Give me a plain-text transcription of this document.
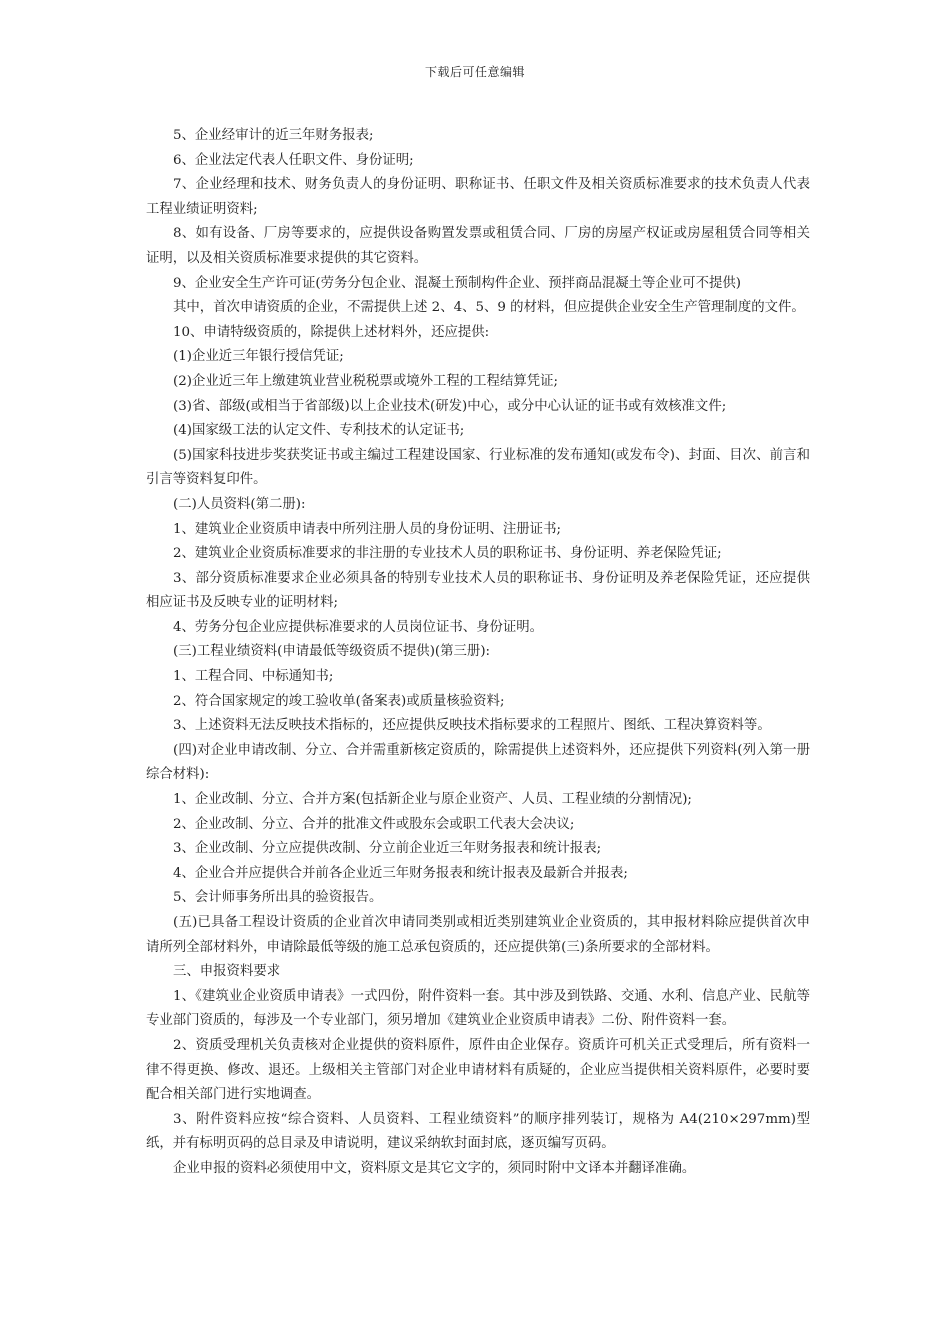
下载后可任意编辑

5、企业经审计的近三年财务报表;

6、企业法定代表人任职文件、身份证明;

7、企业经理和技术、财务负责人的身份证明、职称证书、任职文件及相关资质标准要求的技术负责人代表工程业绩证明资料;

8、如有设备、厂房等要求的，应提供设备购置发票或租赁合同、厂房的房屋产权证或房屋租赁合同等相关证明，以及相关资质标准要求提供的其它资料。

9、企业安全生产许可证(劳务分包企业、混凝土预制构件企业、预拌商品混凝土等企业可不提供)

其中，首次申请资质的企业，不需提供上述 2、4、5、9 的材料，但应提供企业安全生产管理制度的文件。

10、申请特级资质的，除提供上述材料外，还应提供:

(1)企业近三年银行授信凭证;

(2)企业近三年上缴建筑业营业税税票或境外工程的工程结算凭证;

(3)省、部级(或相当于省部级)以上企业技术(研发)中心，或分中心认证的证书或有效核准文件;

(4)国家级工法的认定文件、专利技术的认定证书;

(5)国家科技进步奖获奖证书或主编过工程建设国家、行业标准的发布通知(或发布令)、封面、目次、前言和引言等资料复印件。

(二)人员资料(第二册):

1、建筑业企业资质申请表中所列注册人员的身份证明、注册证书;

2、建筑业企业资质标准要求的非注册的专业技术人员的职称证书、身份证明、养老保险凭证;

3、部分资质标准要求企业必须具备的特别专业技术人员的职称证书、身份证明及养老保险凭证，还应提供相应证书及反映专业的证明材料;

4、劳务分包企业应提供标准要求的人员岗位证书、身份证明。

(三)工程业绩资料(申请最低等级资质不提供)(第三册):

1、工程合同、中标通知书;

2、符合国家规定的竣工验收单(备案表)或质量核验资料;

3、上述资料无法反映技术指标的，还应提供反映技术指标要求的工程照片、图纸、工程决算资料等。

(四)对企业申请改制、分立、合并需重新核定资质的，除需提供上述资料外，还应提供下列资料(列入第一册综合材料):

1、企业改制、分立、合并方案(包括新企业与原企业资产、人员、工程业绩的分割情况);

2、企业改制、分立、合并的批准文件或股东会或职工代表大会决议;

3、企业改制、分立应提供改制、分立前企业近三年财务报表和统计报表;

4、企业合并应提供合并前各企业近三年财务报表和统计报表及最新合并报表;

5、会计师事务所出具的验资报告。

(五)已具备工程设计资质的企业首次申请同类别或相近类别建筑业企业资质的，其申报材料除应提供首次申请所列全部材料外，申请除最低等级的施工总承包资质的，还应提供第(三)条所要求的全部材料。

三、申报资料要求

1、《建筑业企业资质申请表》一式四份，附件资料一套。其中涉及到铁路、交通、水利、信息产业、民航等专业部门资质的，每涉及一个专业部门，须另增加《建筑业企业资质申请表》二份、附件资料一套。

2、资质受理机关负责核对企业提供的资料原件，原件由企业保存。资质许可机关正式受理后，所有资料一律不得更换、修改、退还。上级相关主管部门对企业申请材料有质疑的，企业应当提供相关资料原件，必要时要配合相关部门进行实地调查。

3、附件资料应按“综合资料、人员资料、工程业绩资料”的顺序排列装订，规格为 A4(210×297mm)型纸，并有标明页码的总目录及申请说明，建议采纳软封面封底，逐页编写页码。

企业申报的资料必须使用中文，资料原文是其它文字的，须同时附中文译本并翻译准确。
